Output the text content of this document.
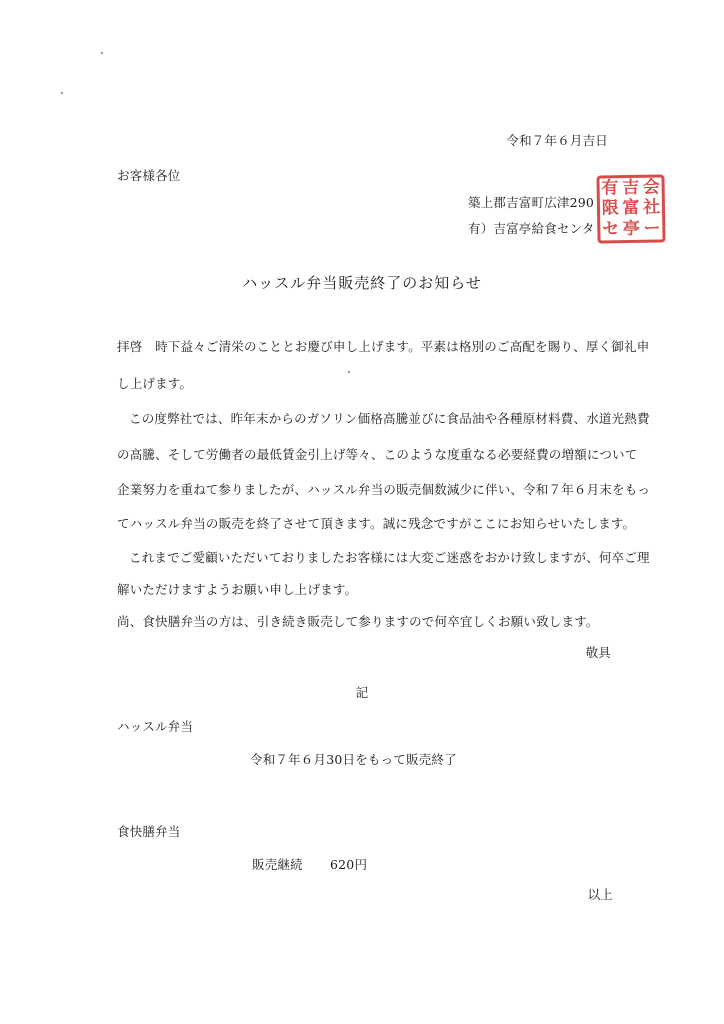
令和７年６月吉日
お客様各位
築上郡吉富町広津290
有）吉富亭給食センタ
有 吉 会
限 富 社
セ 亭 ー
ハッスル弁当販売終了のお知らせ
拝啓　時下益々ご清栄のこととお慶び申し上げます。平素は格別のご高配を賜り、厚く御礼申
し上げます。
この度弊社では、昨年末からのガソリン価格高騰並びに食品油や各種原材料費、水道光熱費
の高騰、そして労働者の最低賃金引上げ等々、このような度重なる必要経費の増額について
企業努力を重ねて参りましたが、ハッスル弁当の販売個数減少に伴い、令和７年６月末をもっ
てハッスル弁当の販売を終了させて頂きます。誠に残念ですがここにお知らせいたします。
これまでご愛顧いただいておりましたお客様には大変ご迷惑をおかけ致しますが、何卒ご理
解いただけますようお願い申し上げます。
尚、食快膳弁当の方は、引き続き販売して参りますので何卒宜しくお願い致します。
敬具
記
ハッスル弁当
令和７年６月30日をもって販売終了
食快膳弁当
販売継続 620円
以上
